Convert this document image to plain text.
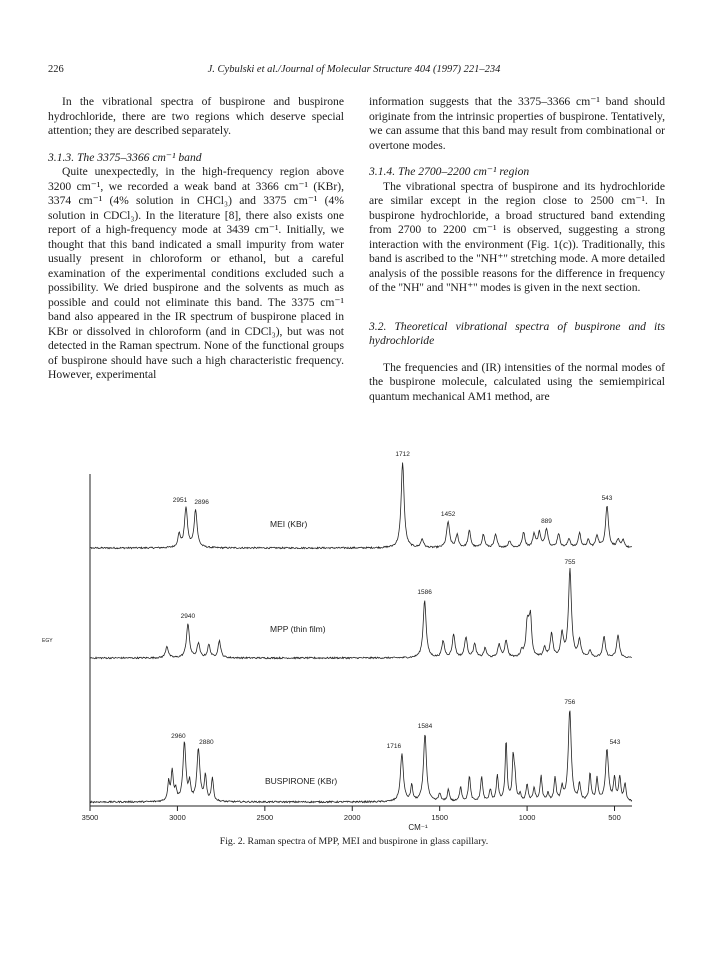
226	J. Cybulski et al./Journal of Molecular Structure 404 (1997) 221–234

In the vibrational spectra of buspirone and buspirone hydrochloride, there are two regions which deserve special attention; they are described separately.

3.1.3. The 3375–3366 cm⁻¹ band

Quite unexpectedly, in the high-frequency region above 3200 cm⁻¹, we recorded a weak band at 3366 cm⁻¹ (KBr), 3374 cm⁻¹ (4% solution in CHCl₃) and 3375 cm⁻¹ (4% solution in CDCl₃). In the literature [8], there also exists one report of a high-frequency mode at 3439 cm⁻¹. Initially, we thought that this band indicated a small impurity from water usually present in chloroform or ethanol, but a careful examination of the experimental conditions excluded such a possibility. We dried buspirone and the solvents as much as possible and could not eliminate this band. The 3375 cm⁻¹ band also appeared in the IR spectrum of buspirone placed in KBr or dissolved in chloroform (and in CDCl₃), but was not detected in the Raman spectrum. None of the functional groups of buspirone should have such a high characteristic frequency. However, experimental

information suggests that the 3375–3366 cm⁻¹ band should originate from the intrinsic properties of buspirone. Tentatively, we can assume that this band may result from combinational or overtone modes.

3.1.4. The 2700–2200 cm⁻¹ region

The vibrational spectra of buspirone and its hydrochloride are similar except in the region close to 2500 cm⁻¹. In buspirone hydrochloride, a broad structured band extending from 2700 to 2200 cm⁻¹ is observed, suggesting a strong interaction with the environment (Fig. 1(c)). Traditionally, this band is ascribed to the ''NH⁺'' stretching mode. A more detailed analysis of the possible reasons for the difference in frequency of the ''NH'' and ''NH⁺'' modes is given in the next section.

3.2. Theoretical vibrational spectra of buspirone and its hydrochloride

The frequencies and (IR) intensities of the normal modes of the buspirone molecule, calculated using the semiempirical quantum mechanical AM1 method, are

EGY
MEI (KBr)
2951 2896
1712
1452
889
543
MPP (thin film)
2940
1586
755
BUSPIRONE (KBr)
2960
2880
1716
1584
756
543
3500	3000	2500	2000	1500	1000	500
CM⁻¹
Fig. 2. Raman spectra of MPP, MEI and buspirone in glass capillary.
